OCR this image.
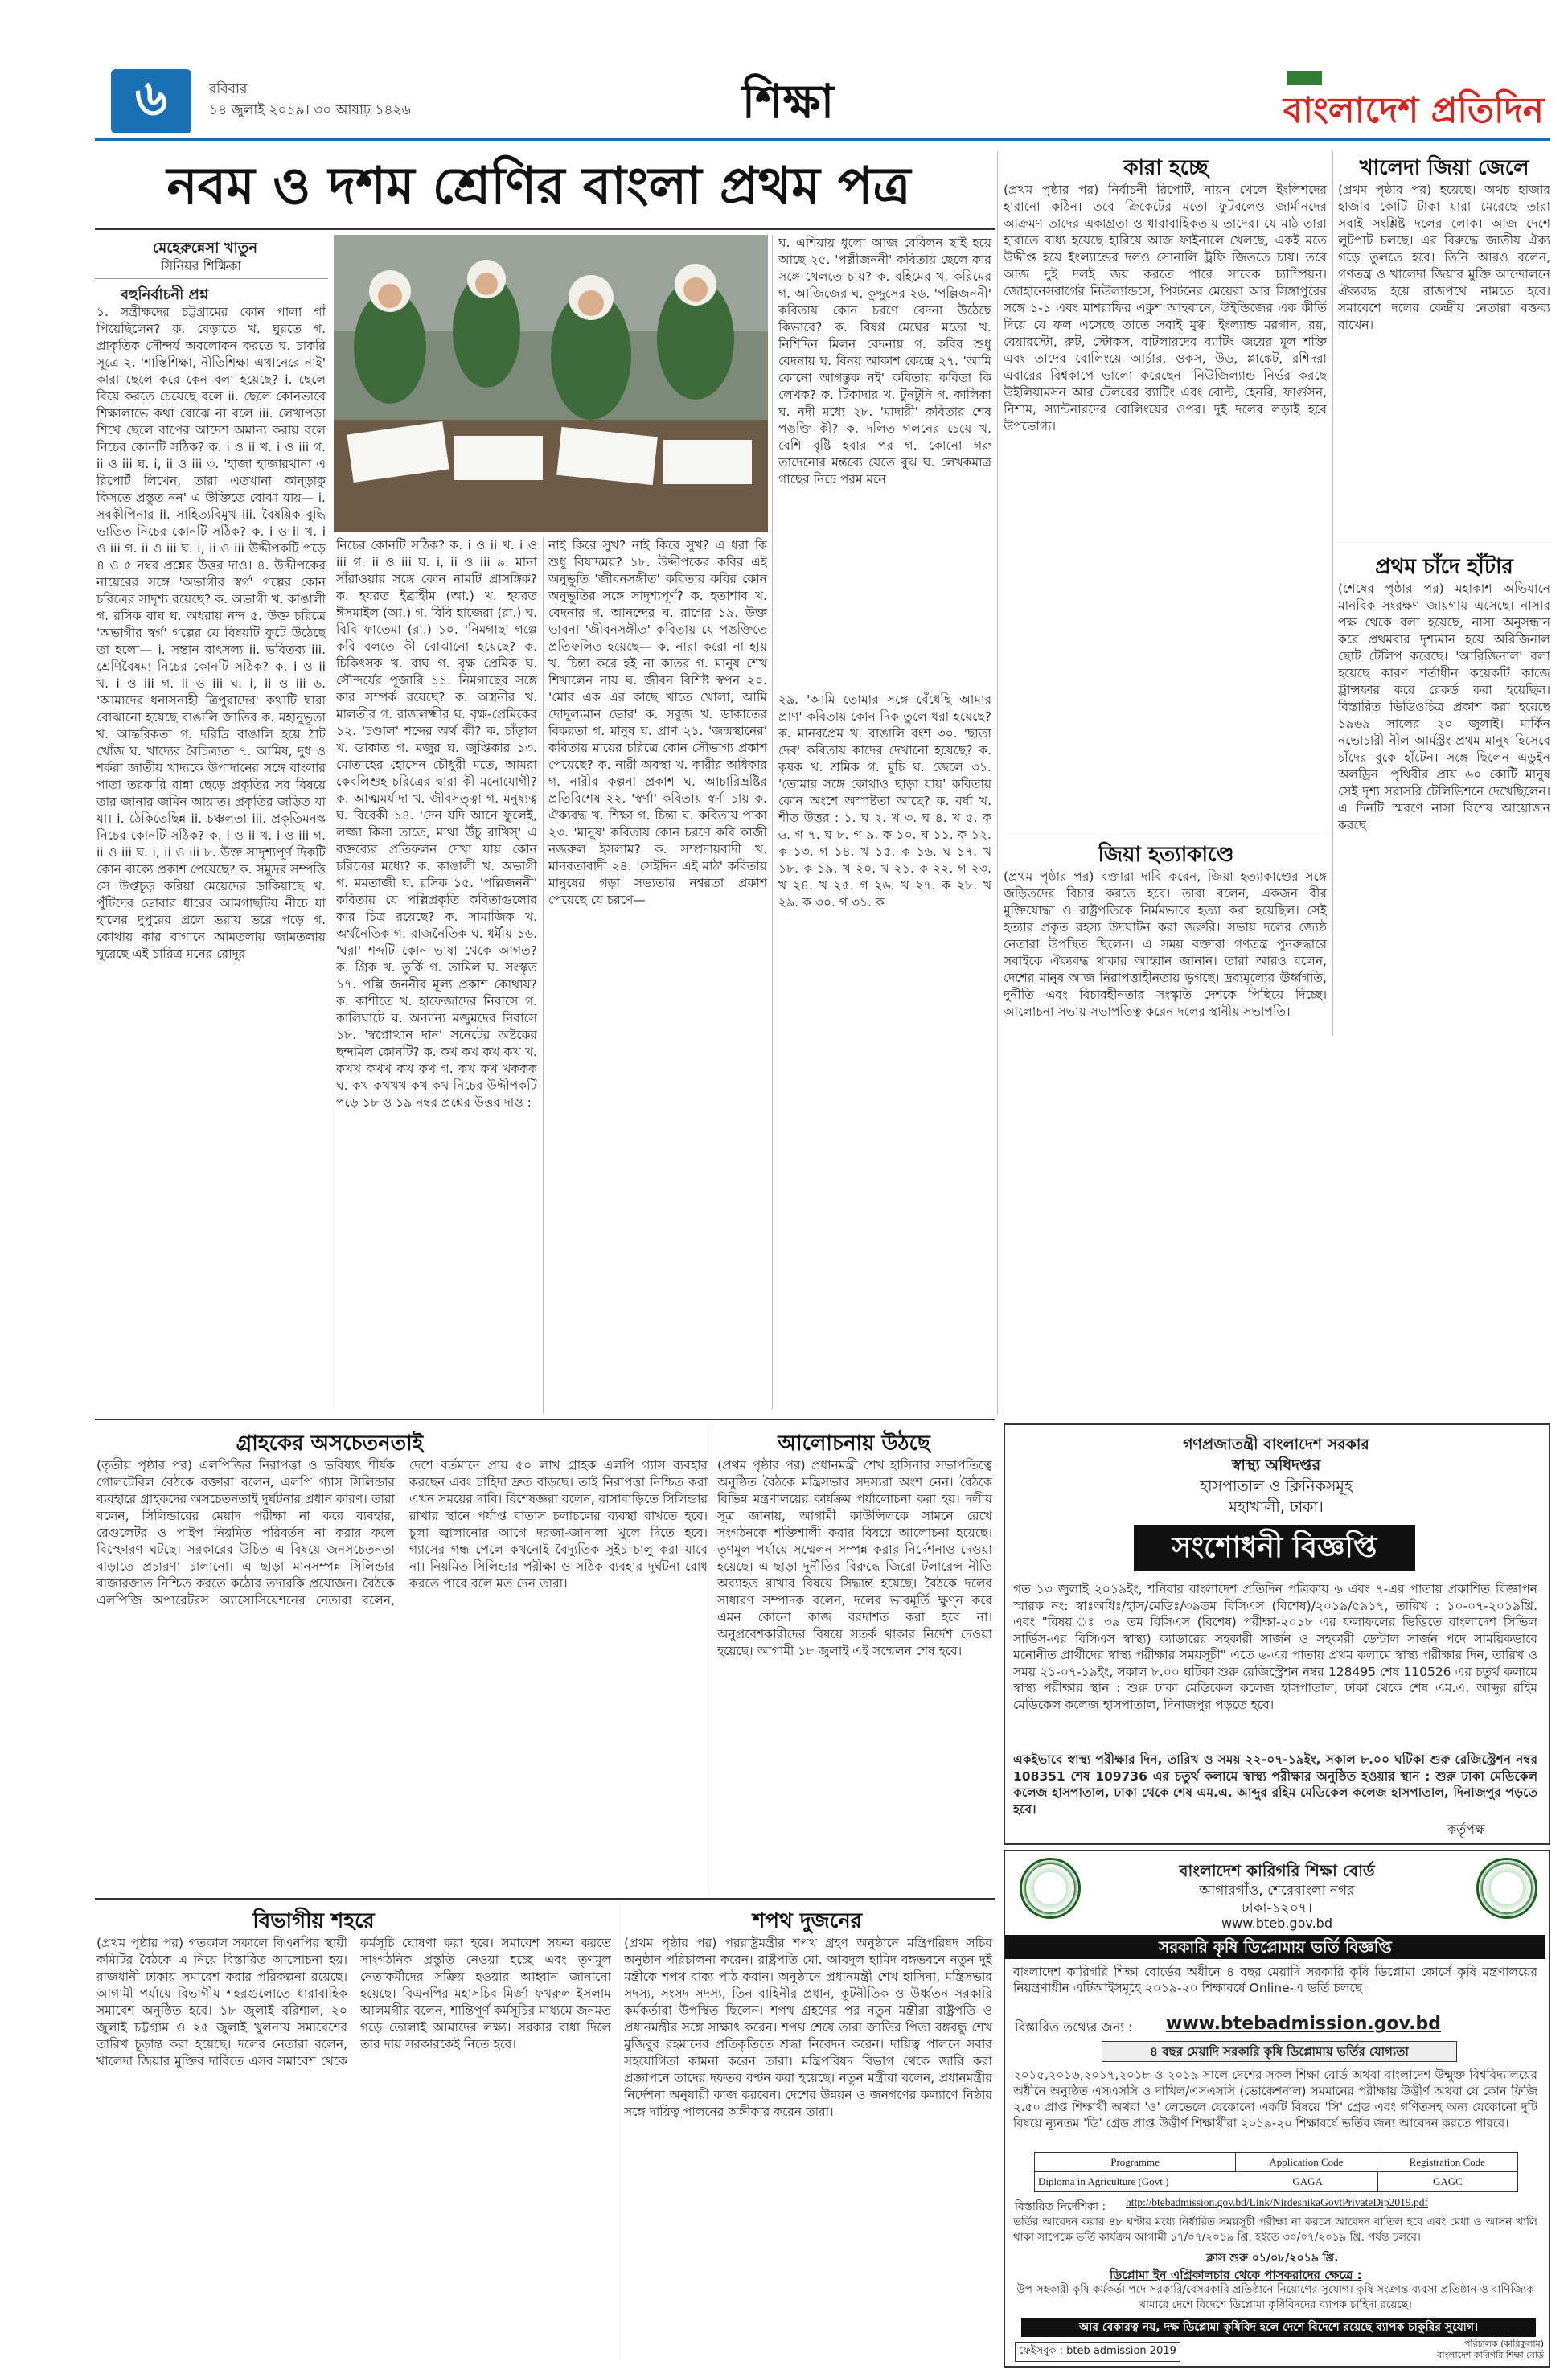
৬	রবিবার
১৪ জুলাই ২০১৯। ৩০ আষাঢ় ১৪২৬	শিক্ষা	বাংলাদেশ প্রতিদিন
নবম ও দশম শ্রেণির বাংলা প্রথম পত্র
মেহেরুন্নেসা খাতুন
সিনিয়র শিক্ষিকা
বহুনির্বাচনী প্রশ্ন
১. সন্ত্রীক্ষদের চট্টগ্রামের কোন পালা গাঁ পিয়েছিলেন? ক. বেড়াতে খ. ঘুরতে গ. প্রাকৃতিক সৌন্দর্য অবলোকন করতে ঘ. চাকরি সূত্রে ২. 'শাস্তিশিক্ষা, নীতিশিক্ষা এখানেরে নাই' কারা ছেলে করে কেন বলা হয়েছে? i. ছেলে বিয়ে করতে চেয়েছে বলে ii. ছেলে কোনভাবে শিক্ষালাভে কথা বোঝে না বলে iii. লেখাপড়া শিখে ছেলে বাপের আদেশ অমান্য করায় বলে নিচের কোনটি সঠিক? ক. i ও ii খ. i ও iii গ. ii ও iii ঘ. i, ii ও iii ৩. 'হাজা হাজারথানা এ রিপোর্ট লিখেন, তারা এতখানা কান্ড়াকু কিসতে প্রস্তুত নন' এ উক্তিতে বোঝা যায়— i. সবকীপিনার ii. সাহিত্যবিমুখ iii. বৈষয়িক বুদ্ধি ভাতিত নিচের কোনটি সঠিক? ক. i ও ii খ. i ও iii গ. ii ও iii ঘ. i, ii ও iii উদ্দীপকটি পড়ে ৪ ও ৫ নম্বর প্রশ্নের উত্তর দাও। ৪. উদ্দীপকের নায়েরের সঙ্গে 'অভাগীর স্বর্গ' গল্পের কোন চরিত্রের সাদৃশ্য রয়েছে? ক. অভাগী খ. কাঙালী গ. রসিক বাঘ ঘ. অধরায় নন্দ ৫. উক্ত চরিত্রে 'অভাগীর স্বর্গ' গল্পের যে বিষয়টি ফুটে উঠেছে তা হলো— i. সন্তান বাৎসল্য ii. ভবিতব্য iii. শ্রেণিবৈষম্য নিচের কোনটি সঠিক? ক. i ও ii খ. i ও iii গ. ii ও iii ঘ. i, ii ও iii ৬. 'আমাদের ধনাসনাহী ত্রিপুরাদের' কথাটি দ্বারা বোঝানো হয়েছে বাঙালি জাতির ক. মহানুভূতা খ. আন্তরিকতা গ. দরিদ্রি বাঙালি হয়ে ঠাট খোঁজ ঘ. খাদ্যের বৈচিত্র্যতা ৭. আমিষ, দুধ ও শর্করা জাতীয় খাদ্যকে উপাদানের সঙ্গে বাংলার পাতা তরকারি রান্না ছেড়ে প্রকৃতির সব বিষয়ে তার জানার জমিন আয়াত। প্রকৃতির জড়িত যা যা। i. ঠেকিতেছিন্ন ii. চঞ্চলতা iii. প্রকৃতিমনস্ক নিচের কোনটি সঠিক? ক. i ও ii খ. i ও iii গ. ii ও iii ঘ. i, ii ও iii ৮. উক্ত সাদৃশ্যপূর্ণ দিকটি কোন বাক্যে প্রকাশ পেয়েছে? ক. সমুদ্রর সম্পত্তি সে উপ্তচূড় করিয়া মেয়েদের ডাকিয়াছে খ. পুঁটিদের ডোবার ধারের আমগাছটিয় নীচে যা হালের দুপুরের প্রলে ভরায় ভরে পড়ে গ. কোথায় কার বাগানে আমতলায় জামতলায় ঘুরেছে এই চারিত্র মনের রোদুর
নিচের কোনটি সঠিক? ক. i ও ii খ. i ও iii গ. ii ও iii ঘ. i, ii ও iii ৯. মানা সাঁরাওয়ার সঙ্গে কোন নামটি প্রাসঙ্গিক? ক. হযরত ইব্রাহীম (আ.) খ. হযরত ঈসমাইল (আ.) গ. বিবি হাজেরা (রা.) ঘ. বিবি ফাতেমা (রা.) ১০. 'নিমগাছ' গল্পে কবি বলতে কী বোঝানো হয়েছে? ক. চিকিৎসক খ. বাঘ গ. বৃক্ষ প্রেমিক ঘ. সৌন্দর্যের পূজারি ১১. নিমগাছের সঙ্গে কার সম্পর্ক রয়েছে? ক. অস্ত্রনীর খ. মালতীর গ. রাজলক্ষ্মীর ঘ. বৃক্ষ-প্রেমিকের ১২. 'চণ্ডাল' শব্দের অর্থ কী? ক. চাঁড়াল খ. ডাকাত গ. মজুর ঘ. জুপ্তিকার ১৩. মোতাহের হোসেন চৌধুরী মতে, আমরা কেবলিশুহ চরিত্রের দ্বারা কী মনোযোগী? ক. আত্মমর্যাদা খ. জীবসত্ত্বা গ. মনুষ্যত্ব ঘ. বিবেকী ১৪. 'দেন যদি আনে ফুলেই, লজ্জা কিসা তাতে, মাথা উঁচু রাখিস্' এ বক্তব্যের প্রতিফলন দেখা যায় কোন চরিত্রের মধ্যে? ক. কাঙালী খ. অভাগী গ. মমতাজী ঘ. রসিক ১৫. 'পল্লিজননী' কবিতায় যে পল্লিপ্রকৃতি কবিতাগুলোর কার চিত্র রয়েছে? ক. সামাজিক খ. অর্থনৈতিক গ. রাজনৈতিক ঘ. ধর্মীয় ১৬. 'ঘরা' শব্দটি কোন ভাষা থেকে আগত? ক. গ্রিক খ. তুর্কি গ. তামিল ঘ. সংস্কৃত ১৭. পল্লি জননীর মূল্য প্রকাশ কোথায়? ক. কাশীতে খ. হাফেজাদের নিবাসে গ. কালিঘাটে ঘ. অন্যান্য মজুমদের নিবাসে ১৮. 'স্বপ্নোত্থান দান' সনেটের অষ্টকের ছন্দমিল কোনটি? ক. কখ কখ কখ কখ খ. কখখ কখখ কখ কখ গ. কখ কখ খককক ঘ. কখ কখখখ কখ কখ নিচের উদ্দীপকটি পড়ে ১৮ ও ১৯ নম্বর প্রশ্নের উত্তর দাও :
নাই কিরে সুখ? নাই কিরে সুখ? এ ধরা কি শুধু বিষাদময়? ১৮. উদ্দীপকের কবির এই অনুভূতি 'জীবনসঙ্গীত' কবিতার কবির কোন অনুভূতির সঙ্গে সাদৃশ্যপূর্ণ? ক. হতাশাব খ. বেদনার গ. আনন্দের ঘ. রাগের ১৯. উক্ত ভাবনা 'জীবনসঙ্গীত' কবিতায় যে পঙক্তিতে প্রতিফলিত হয়েছে— ক. নারা করো না হায় খ. চিন্তা করে হই না কাতর গ. মানুষ শেখ শিখালেন নায় ঘ. জীবন বিশিষ্ট স্বপন ২০. 'মোর এক এর কাছে খাতে খোলা, আমি দোদুল্যমান ভোর' ক. সবুজ খ. ডাকাতের বিকরতা গ. মানুষ ঘ. প্রাণ ২১. 'জন্মস্থানের' কবিতায় মায়ের চরিত্রে কোন সৌভাগ্য প্রকাশ পেয়েছে? ক. নারী অবস্থা খ. কারীর অধিকার গ. নারীর কল্পনা প্রকাশ ঘ. আচারিভ্রষ্টির প্রতিবিশেষ ২২. 'স্বর্ণা' কবিতায় স্বর্ণা চায় ক. ঐক্যবদ্ধ খ. শিক্ষা গ. চিন্তা ঘ. কবিতায় পাকা ২৩. 'মানুষ' কবিতায় কোন চরণে কবি কাজী নজরুল ইসলাম? ক. সম্প্রদায়বাদী খ. মানবতাবাদী ২৪. 'সেইদিন এই মাঠ' কবিতায় মানুষের গড়া সভ্যতার নশ্বরতা প্রকাশ পেয়েছে যে চরণে—
ঘ. এশিয়ায় ধুলো আজ বেবিলন ছাই হয়ে আছে ২৫. 'পল্লীজননী' কবিতায় ছেলে কার সঙ্গে খেলতে চায়? ক. রহিমের খ. করিমের গ. আজিজের ঘ. কুদ্দুসের ২৬. 'পল্লিজননী' কবিতায় কোন চরণে বেদনা উঠেছে কিভাবে? ক. বিষণ্ণ মেঘের মতো খ. নিশিদিন মিলন বেদনায় গ. কবির শুধু বেদনায় ঘ. বিনয় আকাশ কেন্দ্রে ২৭. 'আমি কোনো আগন্তুক নই' কবিতায় কবিতা কি লেখক? ক. টিকাদার খ. টুনটুনি গ. কালিকা ঘ. নদী মধ্যে ২৮. 'মাদারী' কবিতার শেষ পঙক্তি কী? ক. দলিত গলনের চেয়ে খ. বেশি বৃষ্টি হবার পর গ. কোনো গরু তাদেনোর মন্তব্যে যেতে বুঝ ঘ. লেখকমাত্র গাছের নিচে পরম মনে
২৯. 'আমি তোমার সঙ্গে বেঁধেছি আমার প্রাণ' কবিতায় কোন দিক তুলে ধরা হয়েছে? ক. মানবপ্রেম খ. বাঙালি বংশ ৩০. 'ছাতা দেব' কবিতায় কাদের দেখানো হয়েছে? ক. কৃষক খ. শ্রমিক গ. মুচি ঘ. জেলে ৩১. 'তোমার সঙ্গে কোথাও ছাড়া যায়' কবিতায় কোন অংশে অস্পষ্টতা আছে? ক. বর্ষা খ. শীত উত্তর : ১. ঘ ২. খ ৩. ঘ ৪. খ ৫. ক ৬. গ ৭. ঘ ৮. গ ৯. ক ১০. ঘ ১১. ক ১২. ক ১৩. গ ১৪. খ ১৫. ক ১৬. ঘ ১৭. খ ১৮. ক ১৯. খ ২০. খ ২১. ক ২২. গ ২৩. খ ২৪. খ ২৫. গ ২৬. খ ২৭. ক ২৮. খ ২৯. ক ৩০. গ ৩১. ক
কারা হচ্ছে
(প্রথম পৃষ্ঠার পর) নির্বাচনী রিপোর্ট, নায়ন খেলে ইংলিশদের হারানো কঠিন। তবে ক্রিকেটের মতো ফুটবলেও জার্মানদের আক্রমণ তাদের একাগ্রতা ও ধারাবাহিকতায় তাদের। যে মাঠ তারা হারাতে বাধ্য হয়েছে হারিয়ে আজ ফাইনালে খেলছে, একই মতে উদ্দীপ্ত হয়ে ইংল্যান্ডের দলও সোনালি ট্রফি জিততে চায়। তবে আজ দুই দলই জয় করতে পারে সাবেক চ্যাম্পিয়ন। জোহানেসবার্গের নিউল্যান্ডসে, পিস্টনের মেয়েরা আর সিঙ্গাপুরের সঙ্গে ১-১ এবং মাশরাফির একুশ আহবানে, উইন্ডিজের এক কীর্তি দিয়ে যে ফল এসেছে তাতে সবাই মুগ্ধ। ইংল্যান্ড মরগান, রয়, বেয়ারস্টো, রুট, স্টোকস, বাটলারদের ব্যাটিং জয়ের মূল শক্তি এবং তাদের বোলিংয়ে আর্চার, ওকস, উড, প্লাঙ্কেট, রশিদরা এবারের বিশ্বকাপে ভালো করেছেন। নিউজিল্যান্ড নির্ভর করছে উইলিয়ামসন আর টেলরের ব্যাটিং এবং বোল্ট, হেনরি, ফার্গুসন, নিশাম, স্যান্টনারদের বোলিংয়ের ওপর। দুই দলের লড়াই হবে উপভোগ্য।
খালেদা জিয়া জেলে
(প্রথম পৃষ্ঠার পর) হয়েছে। অথচ হাজার হাজার কোটি টাকা যারা মেরেছে তারা সবাই সংশ্লিষ্ট দলের লোক। আজ দেশে লুটপাট চলছে। এর বিরুদ্ধে জাতীয় ঐক্য গড়ে তুলতে হবে। তিনি আরও বলেন, গণতন্ত্র ও খালেদা জিয়ার মুক্তি আন্দোলনে ঐক্যবদ্ধ হয়ে রাজপথে নামতে হবে। সমাবেশে দলের কেন্দ্রীয় নেতারা বক্তব্য রাখেন।
প্রথম চাঁদে হাঁটার
(শেষের পৃষ্ঠার পর) মহাকাশ অভিযানে মানবিক সংরক্ষণ জায়গায় এসেছে। নাসার পক্ষ থেকে বলা হয়েছে, নাসা অনুসন্ধান করে প্রথমবার দৃশ্যমান হয়ে অরিজিনাল ছোট টেলিপ করেছে। 'আরিজিনাল' বলা হয়েছে কারণ শর্তাধীন কয়েকটি কাজে ট্রান্সফার করে রেকর্ড করা হয়েছিল। বিস্তারিত ভিডিওচিত্র প্রকাশ করা হয়েছে ১৯৬৯ সালের ২০ জুলাই। মার্কিন নভোচারী নীল আর্মস্ট্রং প্রথম মানুষ হিসেবে চাঁদের বুকে হাঁটেন। সঙ্গে ছিলেন এডুইন অলড্রিন। পৃথিবীর প্রায় ৬০ কোটি মানুষ সেই দৃশ্য সরাসরি টেলিভিশনে দেখেছিলেন। এ দিনটি স্মরণে নাসা বিশেষ আয়োজন করছে।
জিয়া হত্যাকাণ্ডে
(প্রথম পৃষ্ঠার পর) বক্তারা দাবি করেন, জিয়া হত্যাকাণ্ডের সঙ্গে জড়িতদের বিচার করতে হবে। তারা বলেন, একজন বীর মুক্তিযোদ্ধা ও রাষ্ট্রপতিকে নির্মমভাবে হত্যা করা হয়েছিল। সেই হত্যার প্রকৃত রহস্য উদঘাটন করা জরুরি। সভায় দলের জ্যেষ্ঠ নেতারা উপস্থিত ছিলেন। এ সময় বক্তারা গণতন্ত্র পুনরুদ্ধারে সবাইকে ঐক্যবদ্ধ থাকার আহ্বান জানান। তারা আরও বলেন, দেশের মানুষ আজ নিরাপত্তাহীনতায় ভুগছে। দ্রব্যমূল্যের ঊর্ধ্বগতি, দুর্নীতি এবং বিচারহীনতার সংস্কৃতি দেশকে পিছিয়ে দিচ্ছে। আলোচনা সভায় সভাপতিত্ব করেন দলের স্থানীয় সভাপতি।
গ্রাহকের অসচেতনতাই
(তৃতীয় পৃষ্ঠার পর) এলপিজির নিরাপত্তা ও ভবিষ্যৎ শীর্ষক গোলটেবিল বৈঠকে বক্তারা বলেন, এলপি গ্যাস সিলিন্ডার ব্যবহারে গ্রাহকদের অসচেতনতাই দুর্ঘটনার প্রধান কারণ। তারা বলেন, সিলিন্ডারের মেয়াদ পরীক্ষা না করে ব্যবহার, রেগুলেটর ও পাইপ নিয়মিত পরিবর্তন না করার ফলে বিস্ফোরণ ঘটছে। সরকারের উচিত এ বিষয়ে জনসচেতনতা বাড়াতে প্রচারণা চালানো। এ ছাড়া মানসম্পন্ন সিলিন্ডার বাজারজাত নিশ্চিত করতে কঠোর তদারকি প্রয়োজন। বৈঠকে এলপিজি অপারেটরস অ্যাসোসিয়েশনের নেতারা বলেন, দেশে বর্তমানে প্রায় ৫০ লাখ গ্রাহক এলপি গ্যাস ব্যবহার করছেন এবং চাহিদা দ্রুত বাড়ছে। তাই নিরাপত্তা নিশ্চিত করা এখন সময়ের দাবি। বিশেষজ্ঞরা বলেন, বাসাবাড়িতে সিলিন্ডার রাখার স্থানে পর্যাপ্ত বাতাস চলাচলের ব্যবস্থা রাখতে হবে। চুলা জ্বালানোর আগে দরজা-জানালা খুলে দিতে হবে। গ্যাসের গন্ধ পেলে কখনোই বৈদ্যুতিক সুইচ চালু করা যাবে না। নিয়মিত সিলিন্ডার পরীক্ষা ও সঠিক ব্যবহার দুর্ঘটনা রোধ করতে পারে বলে মত দেন তারা।
আলোচনায় উঠছে
(প্রথম পৃষ্ঠার পর) প্রধানমন্ত্রী শেখ হাসিনার সভাপতিত্বে অনুষ্ঠিত বৈঠকে মন্ত্রিসভার সদস্যরা অংশ নেন। বৈঠকে বিভিন্ন মন্ত্রণালয়ের কার্যক্রম পর্যালোচনা করা হয়। দলীয় সূত্র জানায়, আগামী কাউন্সিলকে সামনে রেখে সংগঠনকে শক্তিশালী করার বিষয়ে আলোচনা হয়েছে। তৃণমূল পর্যায়ে সম্মেলন সম্পন্ন করার নির্দেশনাও দেওয়া হয়েছে। এ ছাড়া দুর্নীতির বিরুদ্ধে জিরো টলারেন্স নীতি অব্যাহত রাখার বিষয়ে সিদ্ধান্ত হয়েছে। বৈঠকে দলের সাধারণ সম্পাদক বলেন, দলের ভাবমূর্তি ক্ষুণ্ন করে এমন কোনো কাজ বরদাশত করা হবে না। অনুপ্রবেশকারীদের বিষয়ে সতর্ক থাকার নির্দেশ দেওয়া হয়েছে। আগামী ১৮ জুলাই এই সম্মেলন শেষ হবে।
বিভাগীয় শহরে
(প্রথম পৃষ্ঠার পর) গতকাল সকালে বিএনপির স্থায়ী কমিটির বৈঠকে এ নিয়ে বিস্তারিত আলোচনা হয়। রাজধানী ঢাকায় সমাবেশ করার পরিকল্পনা রয়েছে। আগামী পর্যায়ে বিভাগীয় শহরগুলোতে ধারাবাহিক সমাবেশ অনুষ্ঠিত হবে। ১৮ জুলাই বরিশাল, ২০ জুলাই চট্টগ্রাম ও ২৫ জুলাই খুলনায় সমাবেশের তারিখ চূড়ান্ত করা হয়েছে। দলের নেতারা বলেন, খালেদা জিয়ার মুক্তির দাবিতে এসব সমাবেশ থেকে কর্মসূচি ঘোষণা করা হবে। সমাবেশ সফল করতে সাংগঠনিক প্রস্তুতি নেওয়া হচ্ছে এবং তৃণমূল নেতাকর্মীদের সক্রিয় হওয়ার আহ্বান জানানো হয়েছে। বিএনপির মহাসচিব মির্জা ফখরুল ইসলাম আলমগীর বলেন, শান্তিপূর্ণ কর্মসূচির মাধ্যমে জনমত গড়ে তোলাই আমাদের লক্ষ্য। সরকার বাধা দিলে তার দায় সরকারকেই নিতে হবে।
শপথ দুজনের
(প্রথম পৃষ্ঠার পর) পররাষ্ট্রমন্ত্রীর শপথ গ্রহণ অনুষ্ঠানে মন্ত্রিপরিষদ সচিব অনুষ্ঠান পরিচালনা করেন। রাষ্ট্রপতি মো. আবদুল হামিদ বঙ্গভবনে নতুন দুই মন্ত্রীকে শপথ বাক্য পাঠ করান। অনুষ্ঠানে প্রধানমন্ত্রী শেখ হাসিনা, মন্ত্রিসভার সদস্য, সংসদ সদস্য, তিন বাহিনীর প্রধান, কূটনীতিক ও উর্ধ্বতন সরকারি কর্মকর্তারা উপস্থিত ছিলেন। শপথ গ্রহণের পর নতুন মন্ত্রীরা রাষ্ট্রপতি ও প্রধানমন্ত্রীর সঙ্গে সাক্ষাৎ করেন। শপথ শেষে তারা জাতির পিতা বঙ্গবন্ধু শেখ মুজিবুর রহমানের প্রতিকৃতিতে শ্রদ্ধা নিবেদন করেন। দায়িত্ব পালনে সবার সহযোগিতা কামনা করেন তারা। মন্ত্রিপরিষদ বিভাগ থেকে জারি করা প্রজ্ঞাপনে তাদের দফতর বণ্টন করা হয়েছে। নতুন মন্ত্রীরা বলেন, প্রধানমন্ত্রীর নির্দেশনা অনুযায়ী কাজ করবেন। দেশের উন্নয়ন ও জনগণের কল্যাণে নিষ্ঠার সঙ্গে দায়িত্ব পালনের অঙ্গীকার করেন তারা।
গণপ্রজাতন্ত্রী বাংলাদেশ সরকার
স্বাস্থ্য অধিদপ্তর
হাসপাতাল ও ক্লিনিকসমূহ
মহাখালী, ঢাকা।
সংশোধনী বিজ্ঞপ্তি
গত ১৩ জুলাই ২০১৯ইং, শনিবার বাংলাদেশ প্রতিদিন পত্রিকায় ৬ এবং ৭-এর পাতায় প্রকাশিত বিজ্ঞাপন স্মারক নং: স্বাঃঅধিঃ/হাস/মেডিঃ/৩৯তম বিসিএস (বিশেষ)/২০১৯/৫৯১৭, তারিখ : ১০-০৭-২০১৯খ্রি. এবং "বিষয় ঃ ৩৯ তম বিসিএস (বিশেষ) পরীক্ষা-২০১৮ এর ফলাফলের ভিত্তিতে বাংলাদেশ সিভিল সার্ভিস-এর বিসিএস স্বাস্থ্য) ক্যাডারের সহকারী সার্জন ও সহকারী ডেন্টাল সার্জন পদে সাময়িকভাবে মনোনীত প্রার্থীদের স্বাস্থ্য পরীক্ষার সময়সূচী" এতে ৬-এর পাতায় প্রথম কলামে স্বাস্থ্য পরীক্ষার দিন, তারিখ ও সময় ২১-০৭-১৯ইং, সকাল ৮.০০ ঘটিকা শুরু রেজিস্ট্রেশন নম্বর 128495 শেষ 110526 এর চতুর্থ কলামে স্বাস্থ্য পরীক্ষার স্থান : শুরু ঢাকা মেডিকেল কলেজ হাসপাতাল, ঢাকা থেকে শেষ এম.এ. আব্দুর রহিম মেডিকেল কলেজ হাসপাতাল, দিনাজপুর পড়তে হবে।
একইভাবে স্বাস্থ্য পরীক্ষার দিন, তারিখ ও সময় ২২-০৭-১৯ইং, সকাল ৮.০০ ঘটিকা শুরু রেজিস্ট্রেশন নম্বর 108351 শেষ 109736 এর চতুর্থ কলামে স্বাস্থ্য পরীক্ষার অনুষ্ঠিত হওয়ার স্থান : শুরু ঢাকা মেডিকেল কলেজ হাসপাতাল, ঢাকা থেকে শেষ এম.এ. আব্দুর রহিম মেডিকেল কলেজ হাসপাতাল, দিনাজপুর পড়তে হবে।
কর্তৃপক্ষ
বাংলাদেশ কারিগরি শিক্ষা বোর্ড
আগারগাঁও, শেরেবাংলা নগর
ঢাকা-১২০৭।
www.bteb.gov.bd
সরকারি কৃষি ডিপ্লোমায় ভর্তি বিজ্ঞপ্তি
বাংলাদেশ কারিগরি শিক্ষা বোর্ডের অধীনে ৪ বছর মেয়াদি সরকারি কৃষি ডিপ্লোমা কোর্সে কৃষি মন্ত্রণালয়ের নিয়ন্ত্রণাধীন এটিআইসমূহে ২০১৯-২০ শিক্ষাবর্ষে Online-এ ভর্তি চলছে।
বিস্তারিত তথ্যের জন্য : www.btebadmission.gov.bd
৪ বছর মেয়াদি সরকারি কৃষি ডিপ্লোমায় ভর্তির যোগ্যতা
২০১৫,২০১৬,২০১৭,২০১৮ ও ২০১৯ সালে দেশের সকল শিক্ষা বোর্ড অথবা বাংলাদেশ উন্মুক্ত বিশ্ববিদ্যালয়ের অধীনে অনুষ্ঠিত এসএসসি ও দাখিল/এসএসসি (ভোকেশনাল) সমমানের পরীক্ষায় উত্তীর্ণ অথবা যে কোন ফিজি ২.৫০ প্রাপ্ত শিক্ষার্থী অথবা 'ও' লেভেলে যেকোনো একটি বিষয়ে 'সি' গ্রেড এবং গণিতসহ অন্য যেকোনো দুটি বিষয়ে ন্যূনতম 'ডি' গ্রেড প্রাপ্ত উত্তীর্ণ শিক্ষার্থীরা ২০১৯-২০ শিক্ষাবর্ষে ভর্তির জন্য আবেদন করতে পারবে।
Programme	Application Code	Registration Code
Diploma in Agriculture (Govt.)	GAGA	GAGC
বিস্তারিত নির্দেশিকা : http://btebadmission.gov.bd/Link/NirdeshikaGovtPrivateDip2019.pdf
ভর্তির আবেদন করার ৪৮ ঘণ্টার মধ্যে নির্ধারিত সময়সূচী পরীক্ষা না করলে আবেদন বাতিল হবে এবং মেধা ও আসন খালি থাকা সাপেক্ষে ভর্তি কার্যক্রম আগামী ১৭/০৭/২০১৯ খ্রি. হইতে ৩০/০৭/২০১৯ খ্রি. পর্যন্ত চলবে।
ক্লাস শুরু ০১/০৮/২০১৯ খ্রি.
ডিপ্লোমা ইন এগ্রিকালচার থেকে পাসকরাদের ক্ষেত্রে :
উপ-সহকারী কৃষি কর্মকর্তা পদে সরকারি/বেসরকারি প্রতিষ্ঠানে নিয়োগের সুযোগ। কৃষি সংক্রান্ত ব্যবসা প্রতিষ্ঠান ও বাণিজ্যিক খামারে দেশে বিদেশে ডিপ্লোমা কৃষিবিদদের ব্যাপক চাহিদা রয়েছে।
আর বেকারত্ব নয়, দক্ষ ডিপ্লোমা কৃষিবিদ হলে দেশে বিদেশে রয়েছে ব্যাপক চাকুরির সুযোগ।
ফেইসবুক : bteb admission 2019
পরিচালক (কারিকুলাম)
বাংলাদেশ কারিগরি শিক্ষা বোর্ড
